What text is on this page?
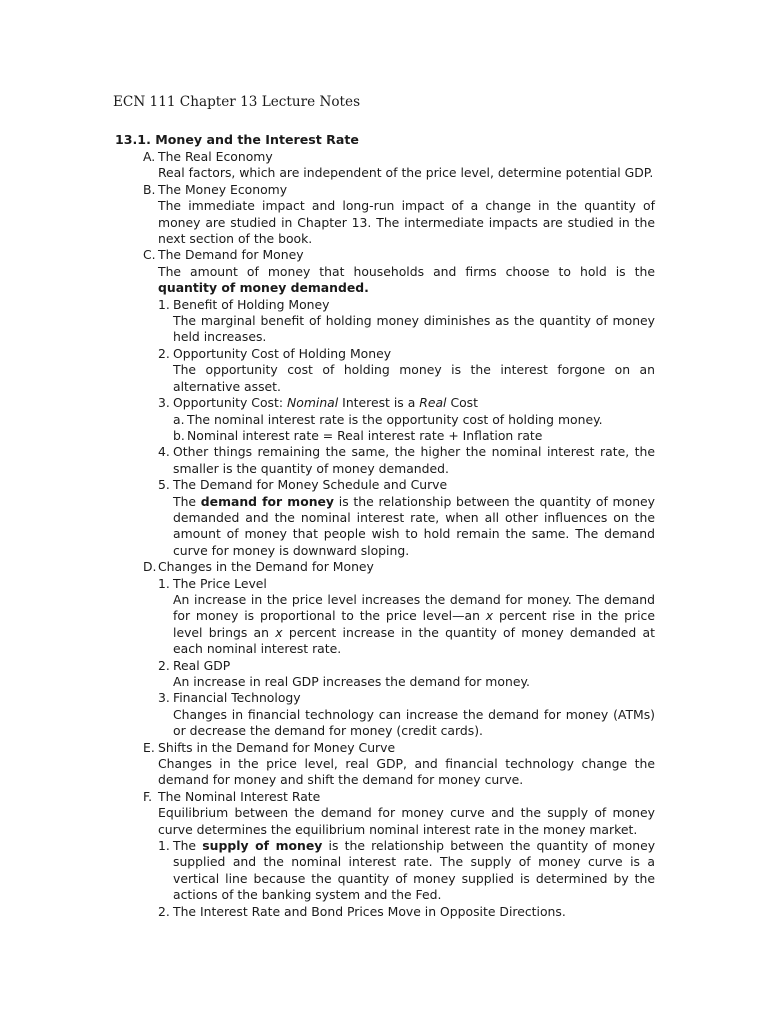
ECN 111 Chapter 13 Lecture Notes
13.1. Money and the Interest Rate
A. The Real Economy
Real factors, which are independent of the price level, determine potential GDP.
B. The Money Economy
The immediate impact and long-run impact of a change in the quantity of money are studied in Chapter 13. The intermediate impacts are studied in the next section of the book.
C. The Demand for Money
The amount of money that households and firms choose to hold is the quantity of money demanded.
1. Benefit of Holding Money
The marginal benefit of holding money diminishes as the quantity of money held increases.
2. Opportunity Cost of Holding Money
The opportunity cost of holding money is the interest forgone on an alternative asset.
3. Opportunity Cost: Nominal Interest is a Real Cost
a. The nominal interest rate is the opportunity cost of holding money.
b. Nominal interest rate = Real interest rate + Inflation rate
4. Other things remaining the same, the higher the nominal interest rate, the smaller is the quantity of money demanded.
5. The Demand for Money Schedule and Curve
The demand for money is the relationship between the quantity of money demanded and the nominal interest rate, when all other influences on the amount of money that people wish to hold remain the same. The demand curve for money is downward sloping.
D. Changes in the Demand for Money
1. The Price Level
An increase in the price level increases the demand for money. The demand for money is proportional to the price level—an x percent rise in the price level brings an x percent increase in the quantity of money demanded at each nominal interest rate.
2. Real GDP
An increase in real GDP increases the demand for money.
3. Financial Technology
Changes in financial technology can increase the demand for money (ATMs) or decrease the demand for money (credit cards).
E. Shifts in the Demand for Money Curve
Changes in the price level, real GDP, and financial technology change the demand for money and shift the demand for money curve.
F. The Nominal Interest Rate
Equilibrium between the demand for money curve and the supply of money curve determines the equilibrium nominal interest rate in the money market.
1. The supply of money is the relationship between the quantity of money supplied and the nominal interest rate. The supply of money curve is a vertical line because the quantity of money supplied is determined by the actions of the banking system and the Fed.
2. The Interest Rate and Bond Prices Move in Opposite Directions.
